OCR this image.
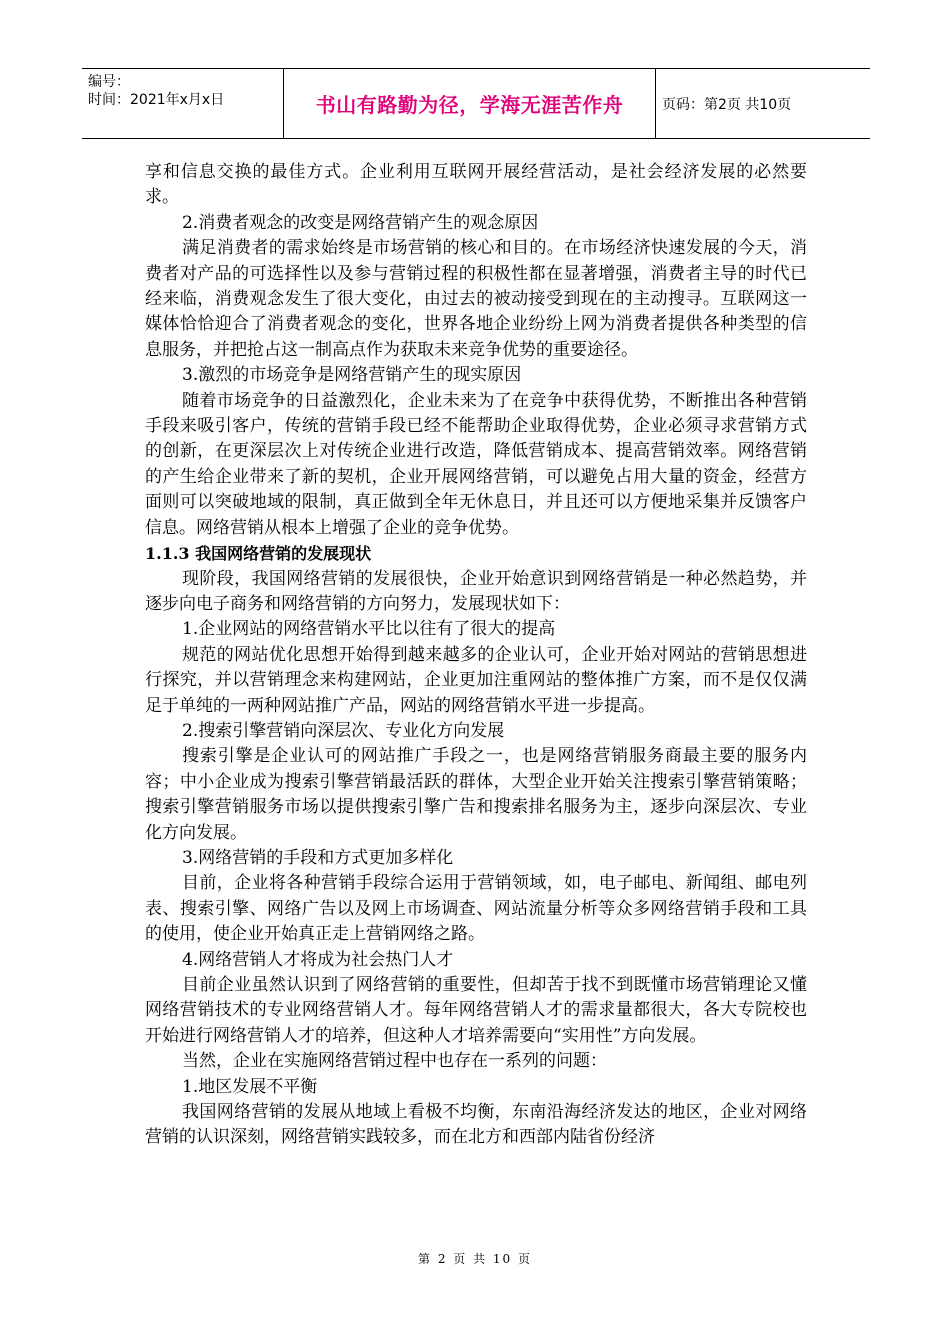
编号：
时间：2021年x月x日	书山有路勤为径，学海无涯苦作舟	页码：第2页 共10页

享和信息交换的最佳方式。企业利用互联网开展经营活动，是社会经济发展的必然要求。

2.消费者观念的改变是网络营销产生的观念原因

满足消费者的需求始终是市场营销的核心和目的。在市场经济快速发展的今天，消费者对产品的可选择性以及参与营销过程的积极性都在显著增强，消费者主导的时代已经来临，消费观念发生了很大变化，由过去的被动接受到现在的主动搜寻。互联网这一媒体恰恰迎合了消费者观念的变化，世界各地企业纷纷上网为消费者提供各种类型的信息服务，并把抢占这一制高点作为获取未来竞争优势的重要途径。

3.激烈的市场竞争是网络营销产生的现实原因

随着市场竞争的日益激烈化，企业未来为了在竞争中获得优势，不断推出各种营销手段来吸引客户，传统的营销手段已经不能帮助企业取得优势，企业必须寻求营销方式的创新，在更深层次上对传统企业进行改造，降低营销成本、提高营销效率。网络营销的产生给企业带来了新的契机，企业开展网络营销，可以避免占用大量的资金，经营方面则可以突破地域的限制，真正做到全年无休息日，并且还可以方便地采集并反馈客户信息。网络营销从根本上增强了企业的竞争优势。

1.1.3 我国网络营销的发展现状

现阶段，我国网络营销的发展很快，企业开始意识到网络营销是一种必然趋势，并逐步向电子商务和网络营销的方向努力，发展现状如下：

1.企业网站的网络营销水平比以往有了很大的提高

规范的网站优化思想开始得到越来越多的企业认可，企业开始对网站的营销思想进行探究，并以营销理念来构建网站，企业更加注重网站的整体推广方案，而不是仅仅满足于单纯的一两种网站推广产品，网站的网络营销水平进一步提高。

2.搜索引擎营销向深层次、专业化方向发展

搜索引擎是企业认可的网站推广手段之一，也是网络营销服务商最主要的服务内容；中小企业成为搜索引擎营销最活跃的群体，大型企业开始关注搜索引擎营销策略；搜索引擎营销服务市场以提供搜索引擎广告和搜索排名服务为主，逐步向深层次、专业化方向发展。

3.网络营销的手段和方式更加多样化

目前，企业将各种营销手段综合运用于营销领域，如，电子邮电、新闻组、邮电列表、搜索引擎、网络广告以及网上市场调查、网站流量分析等众多网络营销手段和工具的使用，使企业开始真正走上营销网络之路。

4.网络营销人才将成为社会热门人才

目前企业虽然认识到了网络营销的重要性，但却苦于找不到既懂市场营销理论又懂网络营销技术的专业网络营销人才。每年网络营销人才的需求量都很大，各大专院校也开始进行网络营销人才的培养，但这种人才培养需要向“实用性”方向发展。

当然，企业在实施网络营销过程中也存在一系列的问题：

1.地区发展不平衡

我国网络营销的发展从地域上看极不均衡，东南沿海经济发达的地区，企业对网络营销的认识深刻，网络营销实践较多，而在北方和西部内陆省份经济

第 2 页 共 10 页
